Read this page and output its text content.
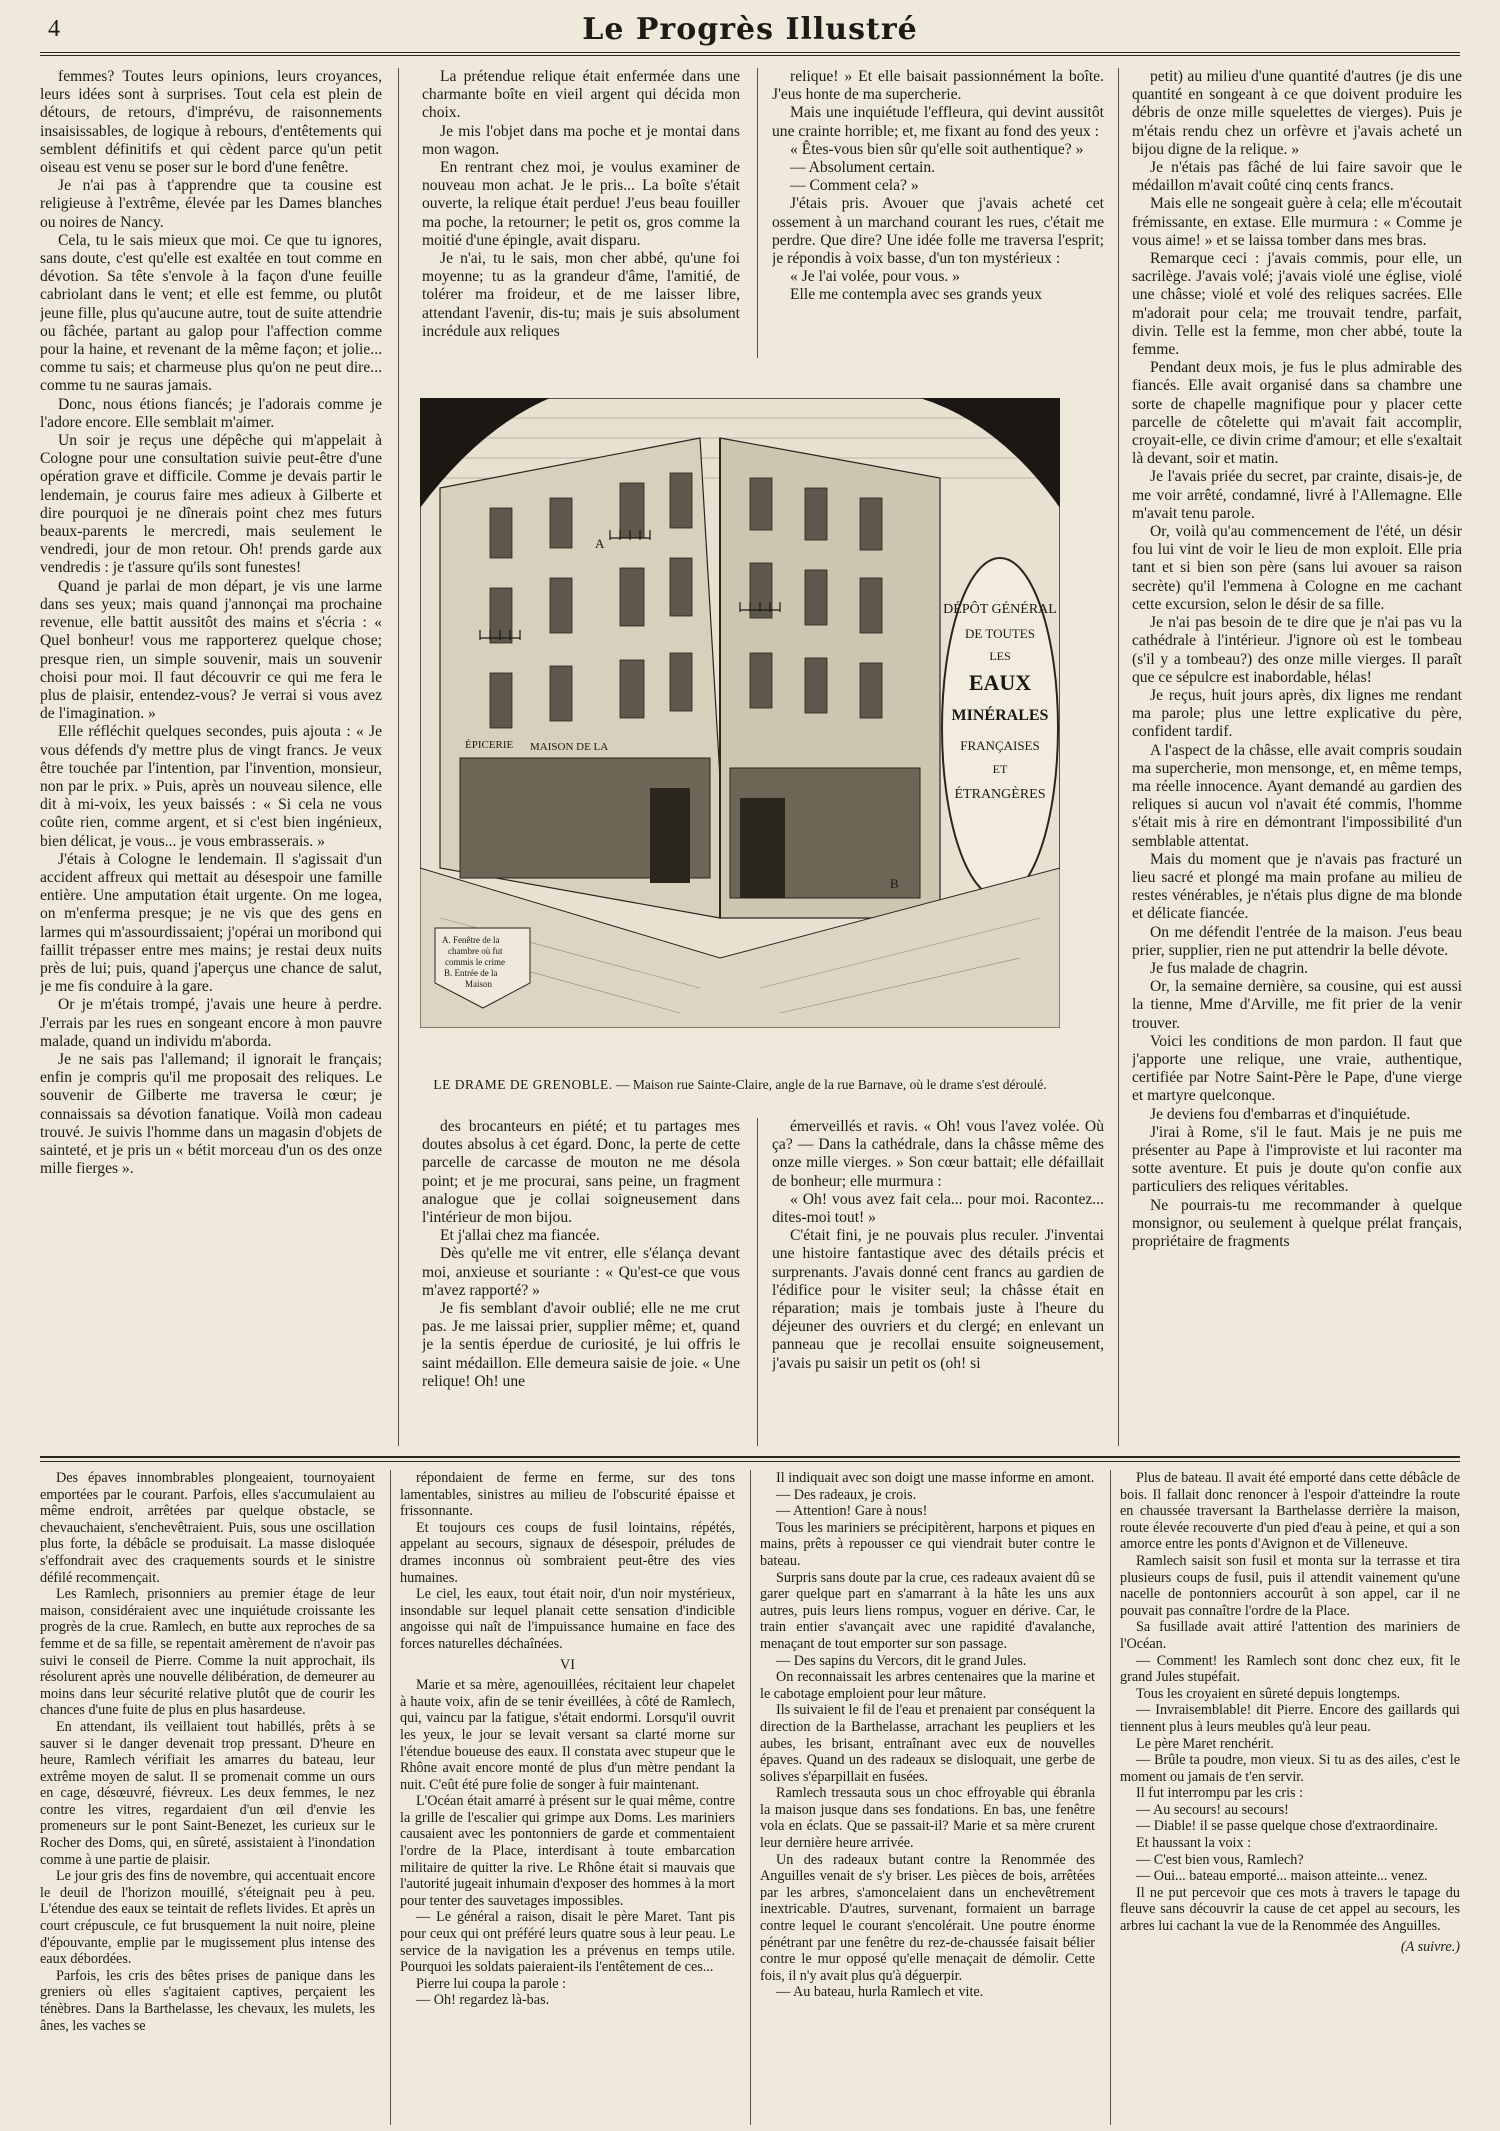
4	Le Progrès Illustré

femmes? Toutes leurs opinions, leurs croyances, leurs idées sont à surprises. Tout cela est plein de détours, de retours, d'imprévu, de raisonnements insaisissables, de logique à rebours, d'entêtements qui semblent définitifs et qui cèdent parce qu'un petit oiseau est venu se poser sur le bord d'une fenêtre.

Je n'ai pas à t'apprendre que ta cousine est religieuse à l'extrême, élevée par les Dames blanches ou noires de Nancy.

Cela, tu le sais mieux que moi. Ce que tu ignores, sans doute, c'est qu'elle est exaltée en tout comme en dévotion. Sa tête s'envole à la façon d'une feuille cabriolant dans le vent; et elle est femme, ou plutôt jeune fille, plus qu'aucune autre, tout de suite attendrie ou fâchée, partant au galop pour l'affection comme pour la haine, et revenant de la même façon; et jolie... comme tu sais; et charmeuse plus qu'on ne peut dire... comme tu ne sauras jamais.

Donc, nous étions fiancés; je l'adorais comme je l'adore encore. Elle semblait m'aimer.

Un soir je reçus une dépêche qui m'appelait à Cologne pour une consultation suivie peut-être d'une opération grave et difficile. Comme je devais partir le lendemain, je courus faire mes adieux à Gilberte et dire pourquoi je ne dînerais point chez mes futurs beaux-parents le mercredi, mais seulement le vendredi, jour de mon retour. Oh! prends garde aux vendredis : je t'assure qu'ils sont funestes!

Quand je parlai de mon départ, je vis une larme dans ses yeux; mais quand j'annonçai ma prochaine revenue, elle battit aussitôt des mains et s'écria : « Quel bonheur! vous me rapporterez quelque chose; presque rien, un simple souvenir, mais un souvenir choisi pour moi. Il faut découvrir ce qui me fera le plus de plaisir, entendez-vous? Je verrai si vous avez de l'imagination. »

Elle réfléchit quelques secondes, puis ajouta : « Je vous défends d'y mettre plus de vingt francs. Je veux être touchée par l'intention, par l'invention, monsieur, non par le prix. » Puis, après un nouveau silence, elle dit à mi-voix, les yeux baissés : « Si cela ne vous coûte rien, comme argent, et si c'est bien ingénieux, bien délicat, je vous... je vous embrasserais. »

J'étais à Cologne le lendemain. Il s'agissait d'un accident affreux qui mettait au désespoir une famille entière. Une amputation était urgente. On me logea, on m'enferma presque; je ne vis que des gens en larmes qui m'assourdissaient; j'opérai un moribond qui faillit trépasser entre mes mains; je restai deux nuits près de lui; puis, quand j'aperçus une chance de salut, je me fis conduire à la gare.

Or je m'étais trompé, j'avais une heure à perdre. J'errais par les rues en songeant encore à mon pauvre malade, quand un individu m'aborda.

Je ne sais pas l'allemand; il ignorait le français; enfin je compris qu'il me proposait des reliques. Le souvenir de Gilberte me traversa le cœur; je connaissais sa dévotion fanatique. Voilà mon cadeau trouvé. Je suivis l'homme dans un magasin d'objets de sainteté, et je pris un « bétit morceau d'un os des onze mille fierges ».

La prétendue relique était enfermée dans une charmante boîte en vieil argent qui décida mon choix.

Je mis l'objet dans ma poche et je montai dans mon wagon.

En rentrant chez moi, je voulus examiner de nouveau mon achat. Je le pris... La boîte s'était ouverte, la relique était perdue! J'eus beau fouiller ma poche, la retourner; le petit os, gros comme la moitié d'une épingle, avait disparu.

Je n'ai, tu le sais, mon cher abbé, qu'une foi moyenne; tu as la grandeur d'âme, l'amitié, de tolérer ma froideur, et de me laisser libre, attendant l'avenir, dis-tu; mais je suis absolument incrédule aux reliques

relique! » Et elle baisait passionnément la boîte. J'eus honte de ma supercherie.

Mais une inquiétude l'effleura, qui devint aussitôt une crainte horrible; et, me fixant au fond des yeux :

« Êtes-vous bien sûr qu'elle soit authentique? »

— Absolument certain.

— Comment cela? »

J'étais pris. Avouer que j'avais acheté cet ossement à un marchand courant les rues, c'était me perdre. Que dire? Une idée folle me traversa l'esprit; je répondis à voix basse, d'un ton mystérieux :

« Je l'ai volée, pour vous. »

Elle me contempla avec ses grands yeux

ÉPICERIE MAISON DE LA
DÉPÔT GÉNÉRAL
DE TOUTES
LES
EAUX
MINÉRALES
FRANÇAISES
ET
ÉTRANGÈRES
A
B
A. Fenêtre de la
chambre où fut
commis le crime
B. Entrée de la
Maison
LE DRAME DE GRENOBLE. — Maison rue Sainte-Claire, angle de la rue Barnave, où le drame s'est déroulé.

des brocanteurs en piété; et tu partages mes doutes absolus à cet égard. Donc, la perte de cette parcelle de carcasse de mouton ne me désola point; et je me procurai, sans peine, un fragment analogue que je collai soigneusement dans l'intérieur de mon bijou.

Et j'allai chez ma fiancée.

Dès qu'elle me vit entrer, elle s'élança devant moi, anxieuse et souriante : « Qu'est-ce que vous m'avez rapporté? »

Je fis semblant d'avoir oublié; elle ne me crut pas. Je me laissai prier, supplier même; et, quand je la sentis éperdue de curiosité, je lui offris le saint médaillon. Elle demeura saisie de joie. « Une relique! Oh! une

émerveillés et ravis. « Oh! vous l'avez volée. Où ça? — Dans la cathédrale, dans la châsse même des onze mille vierges. » Son cœur battait; elle défaillait de bonheur; elle murmura :

« Oh! vous avez fait cela... pour moi. Racontez... dites-moi tout! »

C'était fini, je ne pouvais plus reculer. J'inventai une histoire fantastique avec des détails précis et surprenants. J'avais donné cent francs au gardien de l'édifice pour le visiter seul; la châsse était en réparation; mais je tombais juste à l'heure du déjeuner des ouvriers et du clergé; en enlevant un panneau que je recollai ensuite soigneusement, j'avais pu saisir un petit os (oh! si

petit) au milieu d'une quantité d'autres (je dis une quantité en songeant à ce que doivent produire les débris de onze mille squelettes de vierges). Puis je m'étais rendu chez un orfèvre et j'avais acheté un bijou digne de la relique. »

Je n'étais pas fâché de lui faire savoir que le médaillon m'avait coûté cinq cents francs.

Mais elle ne songeait guère à cela; elle m'écoutait frémissante, en extase. Elle murmura : « Comme je vous aime! » et se laissa tomber dans mes bras.

Remarque ceci : j'avais commis, pour elle, un sacrilège. J'avais volé; j'avais violé une église, violé une châsse; violé et volé des reliques sacrées. Elle m'adorait pour cela; me trouvait tendre, parfait, divin. Telle est la femme, mon cher abbé, toute la femme.

Pendant deux mois, je fus le plus admirable des fiancés. Elle avait organisé dans sa chambre une sorte de chapelle magnifique pour y placer cette parcelle de côtelette qui m'avait fait accomplir, croyait-elle, ce divin crime d'amour; et elle s'exaltait là devant, soir et matin.

Je l'avais priée du secret, par crainte, disais-je, de me voir arrêté, condamné, livré à l'Allemagne. Elle m'avait tenu parole.

Or, voilà qu'au commencement de l'été, un désir fou lui vint de voir le lieu de mon exploit. Elle pria tant et si bien son père (sans lui avouer sa raison secrète) qu'il l'emmena à Cologne en me cachant cette excursion, selon le désir de sa fille.

Je n'ai pas besoin de te dire que je n'ai pas vu la cathédrale à l'intérieur. J'ignore où est le tombeau (s'il y a tombeau?) des onze mille vierges. Il paraît que ce sépulcre est inabordable, hélas!

Je reçus, huit jours après, dix lignes me rendant ma parole; plus une lettre explicative du père, confident tardif.

A l'aspect de la châsse, elle avait compris soudain ma supercherie, mon mensonge, et, en même temps, ma réelle innocence. Ayant demandé au gardien des reliques si aucun vol n'avait été commis, l'homme s'était mis à rire en démontrant l'impossibilité d'un semblable attentat.

Mais du moment que je n'avais pas fracturé un lieu sacré et plongé ma main profane au milieu de restes vénérables, je n'étais plus digne de ma blonde et délicate fiancée.

On me défendit l'entrée de la maison. J'eus beau prier, supplier, rien ne put attendrir la belle dévote.

Je fus malade de chagrin.

Or, la semaine dernière, sa cousine, qui est aussi la tienne, Mme d'Arville, me fit prier de la venir trouver.

Voici les conditions de mon pardon. Il faut que j'apporte une relique, une vraie, authentique, certifiée par Notre Saint-Père le Pape, d'une vierge et martyre quelconque.

Je deviens fou d'embarras et d'inquiétude.

J'irai à Rome, s'il le faut. Mais je ne puis me présenter au Pape à l'improviste et lui raconter ma sotte aventure. Et puis je doute qu'on confie aux particuliers des reliques véritables.

Ne pourrais-tu me recommander à quelque monsignor, ou seulement à quelque prélat français, propriétaire de fragments

Des épaves innombrables plongeaient, tournoyaient emportées par le courant. Parfois, elles s'accumulaient au même endroit, arrêtées par quelque obstacle, se chevauchaient, s'enchevêtraient. Puis, sous une oscillation plus forte, la débâcle se produisait. La masse disloquée s'effondrait avec des craquements sourds et le sinistre défilé recommençait.

Les Ramlech, prisonniers au premier étage de leur maison, considéraient avec une inquiétude croissante les progrès de la crue. Ramlech, en butte aux reproches de sa femme et de sa fille, se repentait amèrement de n'avoir pas suivi le conseil de Pierre. Comme la nuit approchait, ils résolurent après une nouvelle délibération, de demeurer au moins dans leur sécurité relative plutôt que de courir les chances d'une fuite de plus en plus hasardeuse.

En attendant, ils veillaient tout habillés, prêts à se sauver si le danger devenait trop pressant. D'heure en heure, Ramlech vérifiait les amarres du bateau, leur extrême moyen de salut. Il se promenait comme un ours en cage, désœuvré, fiévreux. Les deux femmes, le nez contre les vitres, regardaient d'un œil d'envie les promeneurs sur le pont Saint-Benezet, les curieux sur le Rocher des Doms, qui, en sûreté, assistaient à l'inondation comme à une partie de plaisir.

Le jour gris des fins de novembre, qui accentuait encore le deuil de l'horizon mouillé, s'éteignait peu à peu. L'étendue des eaux se teintait de reflets livides. Et après un court crépuscule, ce fut brusquement la nuit noire, pleine d'épouvante, emplie par le mugissement plus intense des eaux débordées.

Parfois, les cris des bêtes prises de panique dans les greniers où elles s'agitaient captives, perçaient les ténèbres. Dans la Barthelasse, les chevaux, les mulets, les ânes, les vaches se

répondaient de ferme en ferme, sur des tons lamentables, sinistres au milieu de l'obscurité épaisse et frissonnante.

Et toujours ces coups de fusil lointains, répétés, appelant au secours, signaux de désespoir, préludes de drames inconnus où sombraient peut-être des vies humaines.

Le ciel, les eaux, tout était noir, d'un noir mystérieux, insondable sur lequel planait cette sensation d'indicible angoisse qui naît de l'impuissance humaine en face des forces naturelles déchaînées.

VI

Marie et sa mère, agenouillées, récitaient leur chapelet à haute voix, afin de se tenir éveillées, à côté de Ramlech, qui, vaincu par la fatigue, s'était endormi. Lorsqu'il ouvrit les yeux, le jour se levait versant sa clarté morne sur l'étendue boueuse des eaux. Il constata avec stupeur que le Rhône avait encore monté de plus d'un mètre pendant la nuit. C'eût été pure folie de songer à fuir maintenant.

L'Océan était amarré à présent sur le quai même, contre la grille de l'escalier qui grimpe aux Doms. Les mariniers causaient avec les pontonniers de garde et commentaient l'ordre de la Place, interdisant à toute embarcation militaire de quitter la rive. Le Rhône était si mauvais que l'autorité jugeait inhumain d'exposer des hommes à la mort pour tenter des sauvetages impossibles.

— Le général a raison, disait le père Maret. Tant pis pour ceux qui ont préféré leurs quatre sous à leur peau. Le service de la navigation les a prévenus en temps utile. Pourquoi les soldats paieraient-ils l'entêtement de ces...

Pierre lui coupa la parole :

— Oh! regardez là-bas.

Il indiquait avec son doigt une masse informe en amont.

— Des radeaux, je crois.

— Attention! Gare à nous!

Tous les mariniers se précipitèrent, harpons et piques en mains, prêts à repousser ce qui viendrait buter contre le bateau.

Surpris sans doute par la crue, ces radeaux avaient dû se garer quelque part en s'amarrant à la hâte les uns aux autres, puis leurs liens rompus, voguer en dérive. Car, le train entier s'avançait avec une rapidité d'avalanche, menaçant de tout emporter sur son passage.

— Des sapins du Vercors, dit le grand Jules.

On reconnaissait les arbres centenaires que la marine et le cabotage emploient pour leur mâture.

Ils suivaient le fil de l'eau et prenaient par conséquent la direction de la Barthelasse, arrachant les peupliers et les aubes, les brisant, entraînant avec eux de nouvelles épaves. Quand un des radeaux se disloquait, une gerbe de solives s'éparpillait en fusées.

Ramlech tressauta sous un choc effroyable qui ébranla la maison jusque dans ses fondations. En bas, une fenêtre vola en éclats. Que se passait-il? Marie et sa mère crurent leur dernière heure arrivée.

Un des radeaux butant contre la Renommée des Anguilles venait de s'y briser. Les pièces de bois, arrêtées par les arbres, s'amoncelaient dans un enchevêtrement inextricable. D'autres, survenant, formaient un barrage contre lequel le courant s'encolérait. Une poutre énorme pénétrant par une fenêtre du rez-de-chaussée faisait bélier contre le mur opposé qu'elle menaçait de démolir. Cette fois, il n'y avait plus qu'à déguerpir.

— Au bateau, hurla Ramlech et vite.

Plus de bateau. Il avait été emporté dans cette débâcle de bois. Il fallait donc renoncer à l'espoir d'atteindre la route en chaussée traversant la Barthelasse derrière la maison, route élevée recouverte d'un pied d'eau à peine, et qui a son amorce entre les ponts d'Avignon et de Villeneuve.

Ramlech saisit son fusil et monta sur la terrasse et tira plusieurs coups de fusil, puis il attendit vainement qu'une nacelle de pontonniers accourût à son appel, car il ne pouvait pas connaître l'ordre de la Place.

Sa fusillade avait attiré l'attention des mariniers de l'Océan.

— Comment! les Ramlech sont donc chez eux, fit le grand Jules stupéfait.

Tous les croyaient en sûreté depuis longtemps.

— Invraisemblable! dit Pierre. Encore des gaillards qui tiennent plus à leurs meubles qu'à leur peau.

Le père Maret renchérit.

— Brûle ta poudre, mon vieux. Si tu as des ailes, c'est le moment ou jamais de t'en servir.

Il fut interrompu par les cris :

— Au secours! au secours!

— Diable! il se passe quelque chose d'extraordinaire.

Et haussant la voix :

— C'est bien vous, Ramlech?

— Oui... bateau emporté... maison atteinte... venez.

Il ne put percevoir que ces mots à travers le tapage du fleuve sans découvrir la cause de cet appel au secours, les arbres lui cachant la vue de la Renommée des Anguilles.

(A suivre.)
